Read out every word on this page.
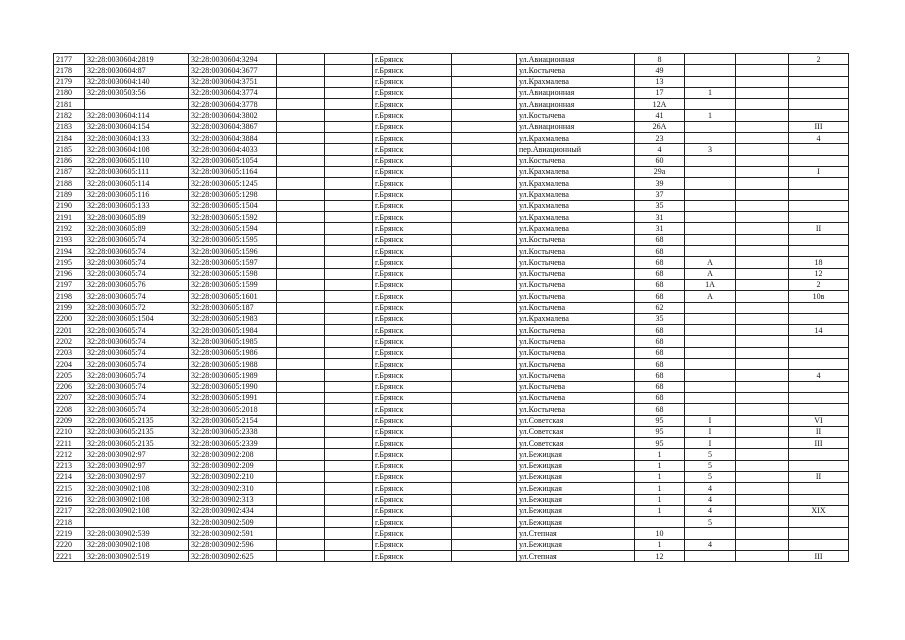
2177	32:28:0030604:2819	32:28:0030604:3294			г.Брянск		ул.Авиационная	8			2
2178	32:28:0030604:87	32:28:0030604:3677			г.Брянск		ул.Костычева	49			
2179	32:28:0030604:140	32:28:0030604:3751			г.Брянск		ул.Крахмалева	13			
2180	32:28:0030503:56	32:28:0030604:3774			г.Брянск		ул.Авиационная	17	1		
2181		32:28:0030604:3778			г.Брянск		ул.Авиационная	12А			
2182	32:28:0030604:114	32:28:0030604:3802			г.Брянск		ул.Костычева	41	1		
2183	32:28:0030604:154	32:28:0030604:3867			г.Брянск		ул.Авиационная	26А			III
2184	32:28:0030604:133	32:28:0030604:3884			г.Брянск		ул.Крахмалева	23			4
2185	32:28:0030604:108	32:28:0030604:4033			г.Брянск		пер.Авиационный	4	3		
2186	32:28:0030605:110	32:28:0030605:1054			г.Брянск		ул.Костычева	60			
2187	32:28:0030605:111	32:28:0030605:1164			г.Брянск		ул.Крахмалева	29а			I
2188	32:28:0030605:114	32:28:0030605:1245			г.Брянск		ул.Крахмалева	39			
2189	32:28:0030605:116	32:28:0030605:1298			г.Брянск		ул.Крахмалева	37			
2190	32:28:0030605:133	32:28:0030605:1504			г.Брянск		ул.Крахмалева	35			
2191	32:28:0030605:89	32:28:0030605:1592			г.Брянск		ул.Крахмалева	31			
2192	32:28:0030605:89	32:28:0030605:1594			г.Брянск		ул.Крахмалева	31			II
2193	32:28:0030605:74	32:28:0030605:1595			г.Брянск		ул.Костычева	68			
2194	32:28:0030605:74	32:28:0030605:1596			г.Брянск		ул.Костычева	68			
2195	32:28:0030605:74	32:28:0030605:1597			г.Брянск		ул.Костычева	68	А		18
2196	32:28:0030605:74	32:28:0030605:1598			г.Брянск		ул.Костычева	68	А		12
2197	32:28:0030605:76	32:28:0030605:1599			г.Брянск		ул.Костычева	68	1А		2
2198	32:28:0030605:74	32:28:0030605:1601			г.Брянск		ул.Костычева	68	А		10в
2199	32:28:0030605:72	32:28:0030605:187			г.Брянск		ул.Костычева	62			
2200	32:28:0030605:1504	32:28:0030605:1983			г.Брянск		ул.Крахмалева	35			
2201	32:28:0030605:74	32:28:0030605:1984			г.Брянск		ул.Костычева	68			14
2202	32:28:0030605:74	32:28:0030605:1985			г.Брянск		ул.Костычева	68			
2203	32:28:0030605:74	32:28:0030605:1986			г.Брянск		ул.Костычева	68			
2204	32:28:0030605:74	32:28:0030605:1988			г.Брянск		ул.Костычева	68			
2205	32:28:0030605:74	32:28:0030605:1989			г.Брянск		ул.Костычева	68			4
2206	32:28:0030605:74	32:28:0030605:1990			г.Брянск		ул.Костычева	68			
2207	32:28:0030605:74	32:28:0030605:1991			г.Брянск		ул.Костычева	68			
2208	32:28:0030605:74	32:28:0030605:2018			г.Брянск		ул.Костычева	68			
2209	32:28:0030605:2135	32:28:0030605:2154			г.Брянск		ул.Советская	95	I		VI
2210	32:28:0030605:2135	32:28:0030605:2338			г.Брянск		ул.Советская	95	I		II
2211	32:28:0030605:2135	32:28:0030605:2339			г.Брянск		ул.Советская	95	I		III
2212	32:28:0030902:97	32:28:0030902:208			г.Брянск		ул.Бежицкая	1	5		
2213	32:28:0030902:97	32:28:0030902:209			г.Брянск		ул.Бежицкая	1	5		
2214	32:28:0030902:97	32:28:0030902:210			г.Брянск		ул.Бежицкая	1	5		II
2215	32:28:0030902:108	32:28:0030902:310			г.Брянск		ул.Бежицкая	1	4		
2216	32:28:0030902:108	32:28:0030902:313			г.Брянск		ул.Бежицкая	1	4		
2217	32:28:0030902:108	32:28:0030902:434			г.Брянск		ул.Бежицкая	1	4		XIX
2218		32:28:0030902:509			г.Брянск		ул.Бежицкая		5		
2219	32:28:0030902:539	32:28:0030902:591			г.Брянск		ул.Степная	10			
2220	32:28:0030902:108	32:28:0030902:596			г.Брянск		ул.Бежицкая	1	4		
2221	32:28:0030902:519	32:28:0030902:625			г.Брянск		ул.Степная	12			III
